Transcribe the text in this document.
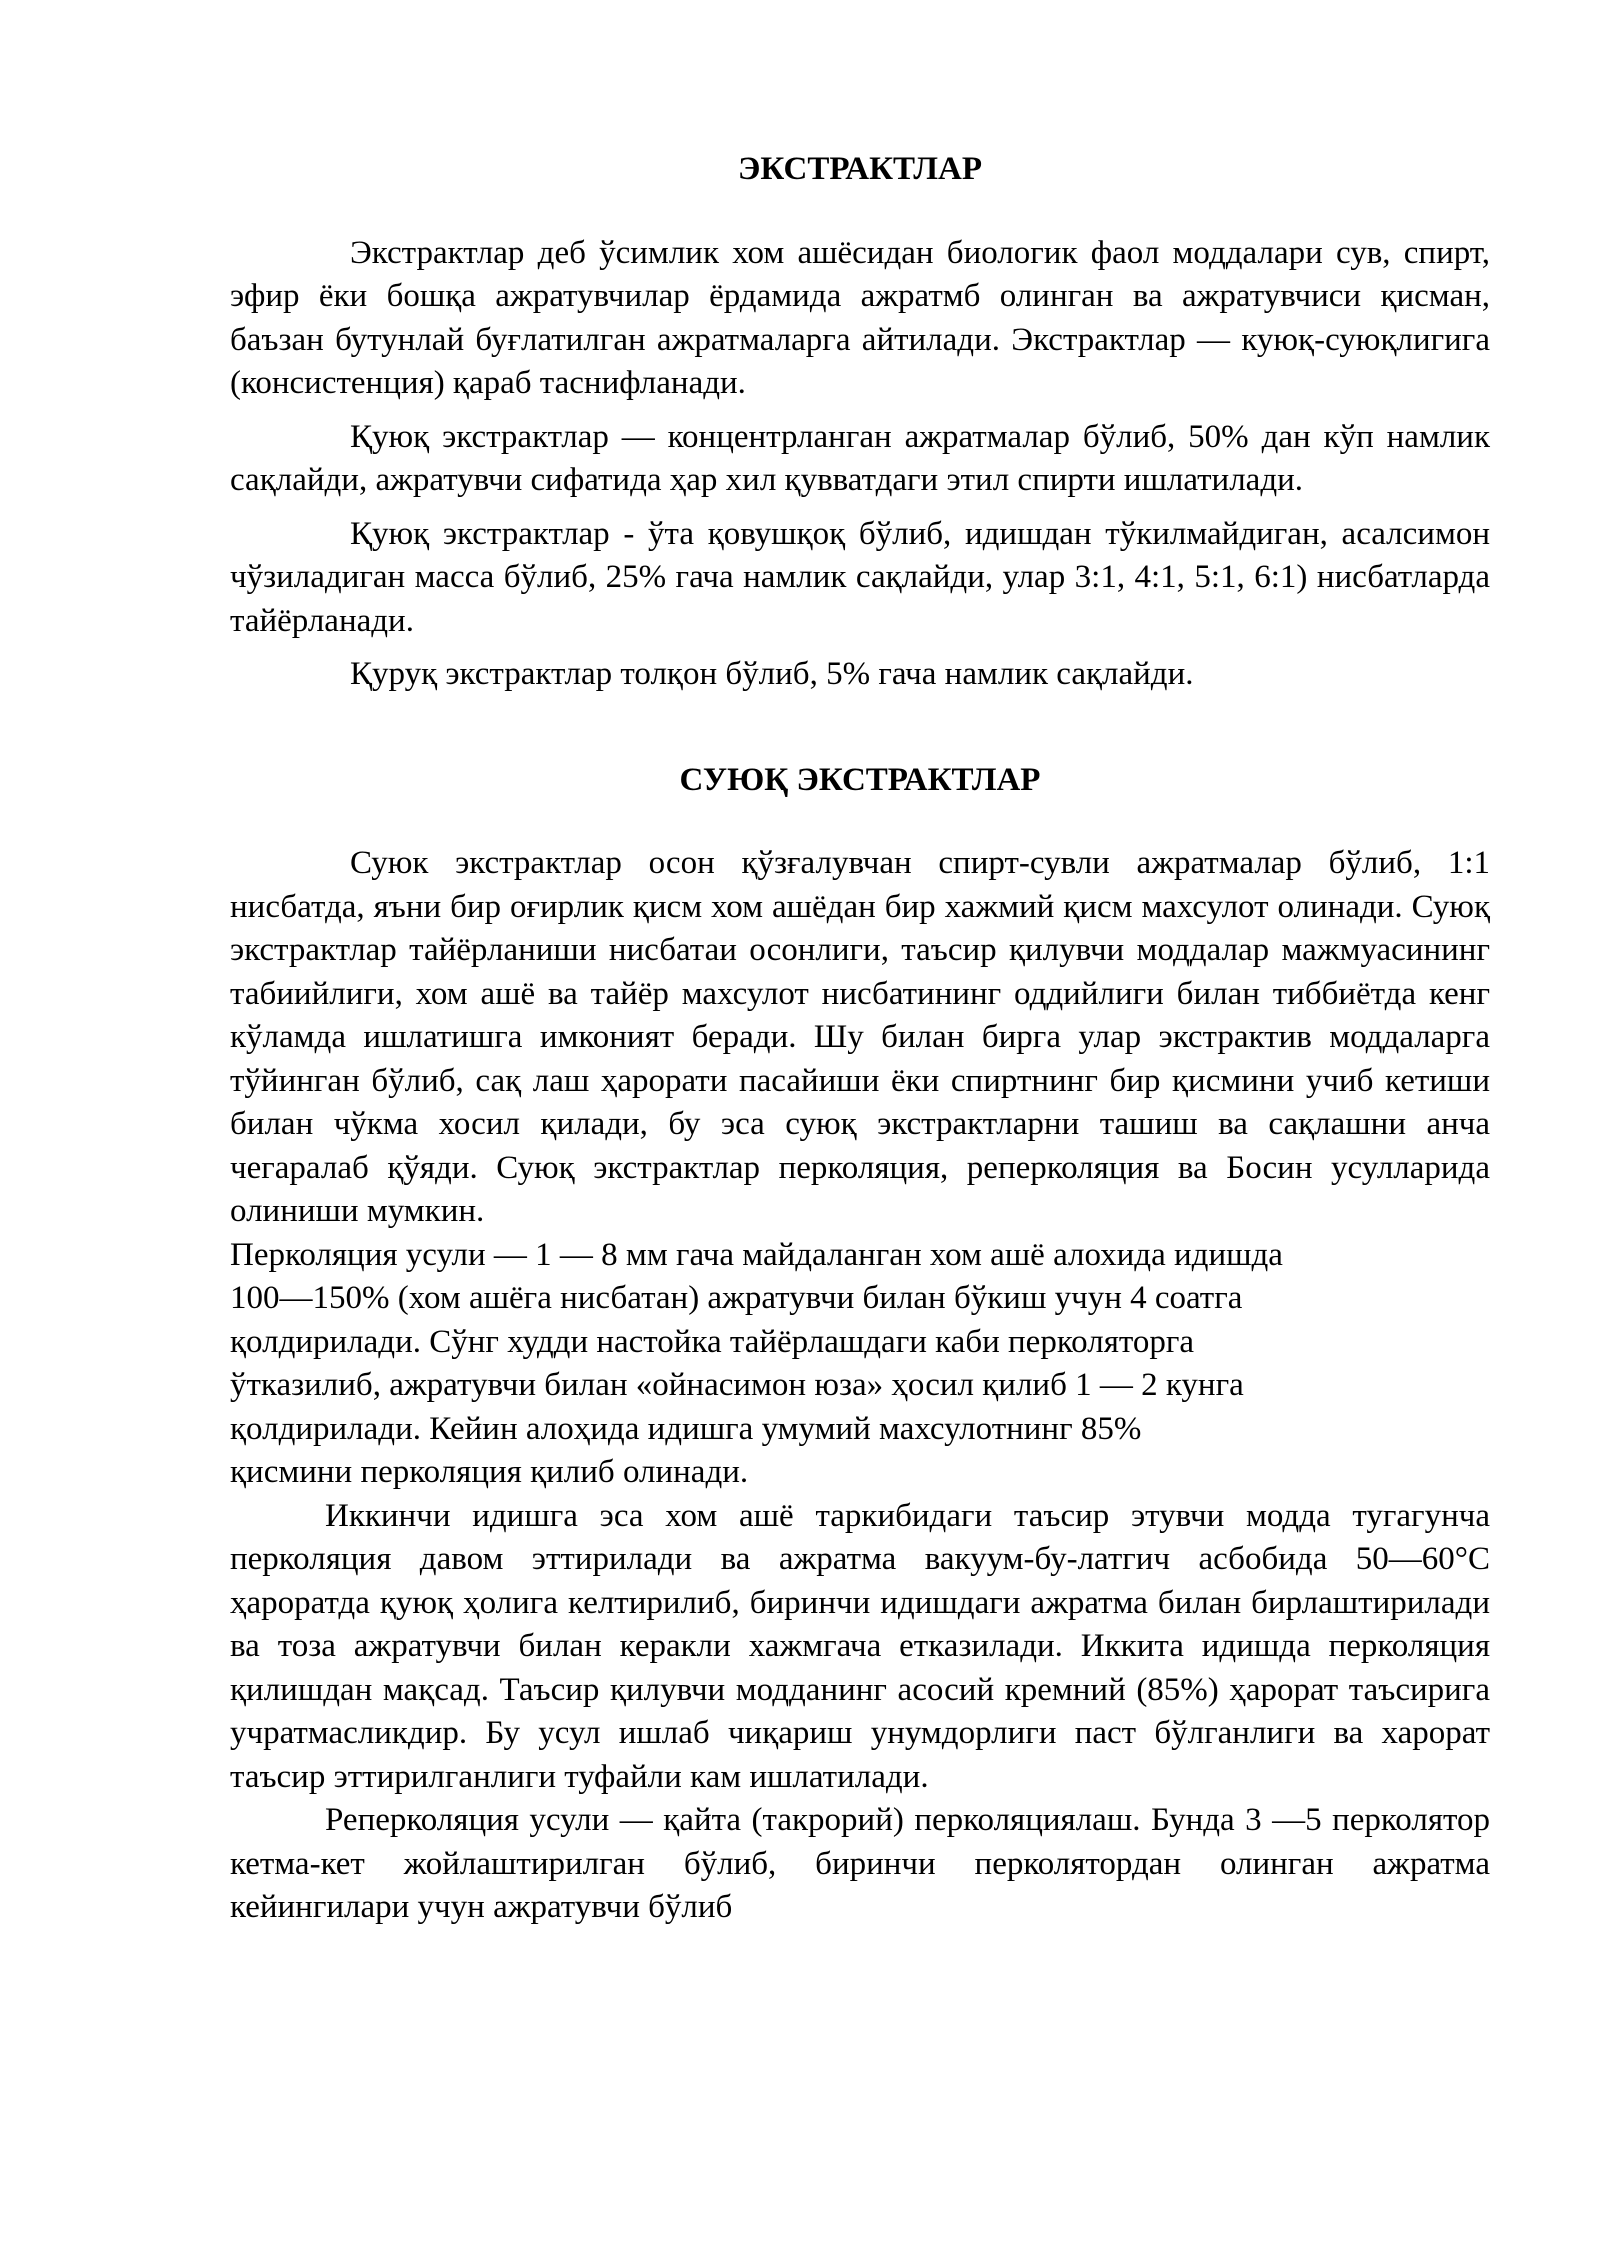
ЭКСТРАКТЛАР

Экстрактлар деб ўсимлик хом ашёсидан биологик фаол моддалари сув, спирт, эфир ёки бошқа ажратувчилар ёрдамида ажратмб олинган ва ажратувчиси қисман, баъзан бутунлай буғлатилган ажратмаларга айтилади. Экстрактлар — куюқ-суюқлигига (консистенция) қараб таснифланади.

Қуюқ экстрактлар — концентрланган ажратмалар бўлиб, 50% дан кўп намлик сақлайди, ажратувчи сифатида ҳар хил қувватдаги этил спирти ишлатилади.

Қуюқ экстрактлар - ўта қовушқоқ бўлиб, идишдан тўкилмайдиган, асалсимон чўзиладиган масса бўлиб, 25% гача намлик сақлайди, улар 3:1, 4:1, 5:1, 6:1) нисбатларда тайёрланади.

Қуруқ экстрактлар толқон бўлиб, 5% гача намлик сақлайди.

СУЮҚ ЭКСТРАКТЛАР

Суюк экстрактлар осон қўзғалувчан спирт-сувли ажратмалар бўлиб, 1:1 нисбатда, яъни бир оғирлик қисм хом ашёдан бир хажмий қисм махсулот олинади. Суюқ экстрактлар тайёрланиши нисбатаи осонлиги, таъсир қилувчи моддалар мажмуасининг табиийлиги, хом ашё ва тайёр махсулот нисбатининг оддийлиги билан тиббиётда кенг кўламда ишлатишга имконият беради. Шу билан бирга улар экстрактив моддаларга тўйинган бўлиб, сақ лаш ҳарорати пасайиши ёки спиртнинг бир қисмини учиб кетиши билан чўкма хосил қилади, бу эса суюқ экстрактларни ташиш ва сақлашни анча чегаралаб қўяди. Суюқ экстрактлар перколяция, реперколяция ва Босин усулларида олиниши мумкин.

Перколяция усули — 1 — 8 мм гача майдаланган хом ашё алохида идишда

100—150% (хом ашёга нисбатан) ажратувчи билан бўкиш учун 4 соатга

қолдирилади. Сўнг худди настойка тайёрлашдаги каби перколяторга

ўтказилиб, ажратувчи билан «ойнасимон юза» ҳосил қилиб 1 — 2 кунга

қолдирилади. Кейин алоҳида идишга умумий махсулотнинг 85%

қисмини перколяция қилиб олинади.

Иккинчи идишга эса хом ашё таркибидаги таъсир этувчи модда тугагунча перколяция давом эттирилади ва ажратма вакуум-бу-латгич асбобида 50—60°С ҳароратда қуюқ ҳолига келтирилиб, биринчи идишдаги ажратма билан бирлаштирилади ва тоза ажратувчи билан керакли хажмгача етказилади. Иккита идишда перколяция қилишдан мақсад. Таъсир қилувчи модданинг асосий кремний (85%) ҳарорат таъсирига учратмасликдир. Бу усул ишлаб чиқариш унумдорлиги паст бўлганлиги ва харорат таъсир эттирилганлиги туфайли кам ишлатилади.

Реперколяция усули — қайта (такрорий) перколяциялаш. Бунда 3 —5 перколятор кетма-кет жойлаштирилган бўлиб, биринчи перколятордан олинган ажратма кейингилари учун ажратувчи бўлиб
